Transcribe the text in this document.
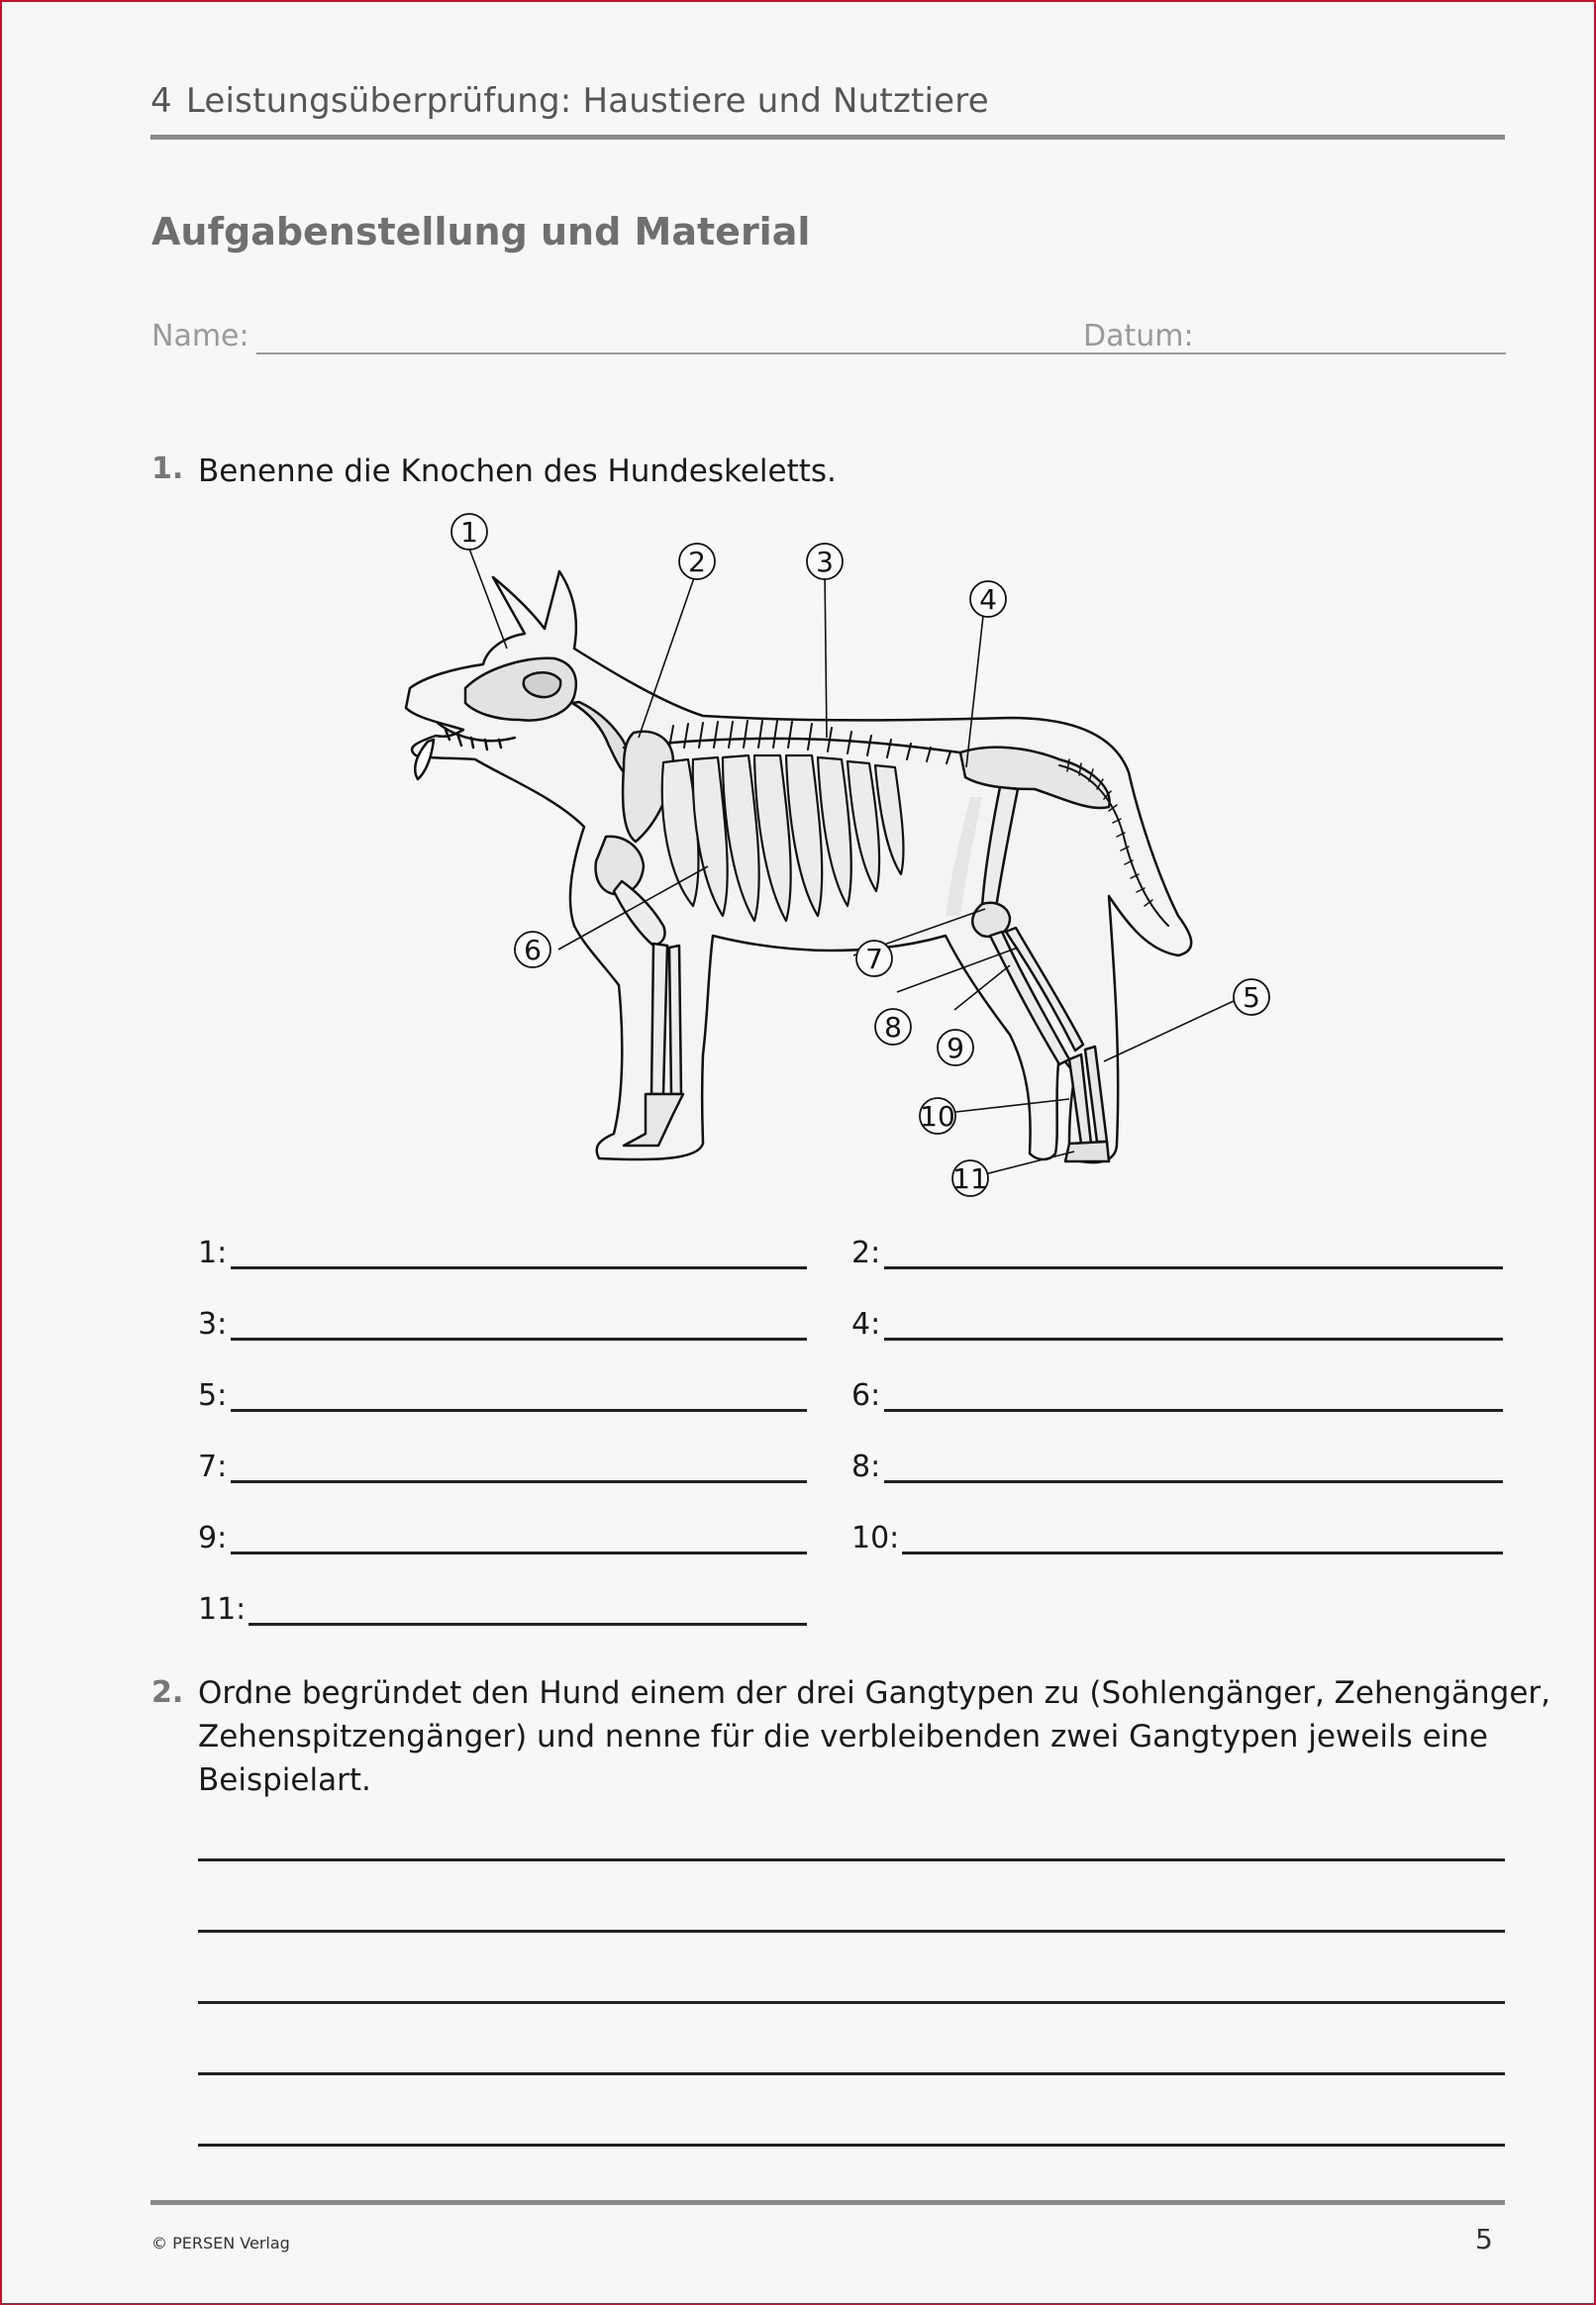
4 Leistungsüberprüfung: Haustiere und Nutztiere
Aufgabenstellung und Material
Name:	Datum:
1. Benenne die Knochen des Hundeskeletts.
1
2	3
4
5
6	7
8
9
10
11
1:	2:
3:	4:
5:	6:
7:	8:
9:	10:
11:
2. Ordne begründet den Hund einem der drei Gangtypen zu (Sohlengänger, Zehengänger,
Zehenspitzengänger) und nenne für die verbleibenden zwei Gangtypen jeweils eine
Beispielart.
© PERSEN Verlag	5
